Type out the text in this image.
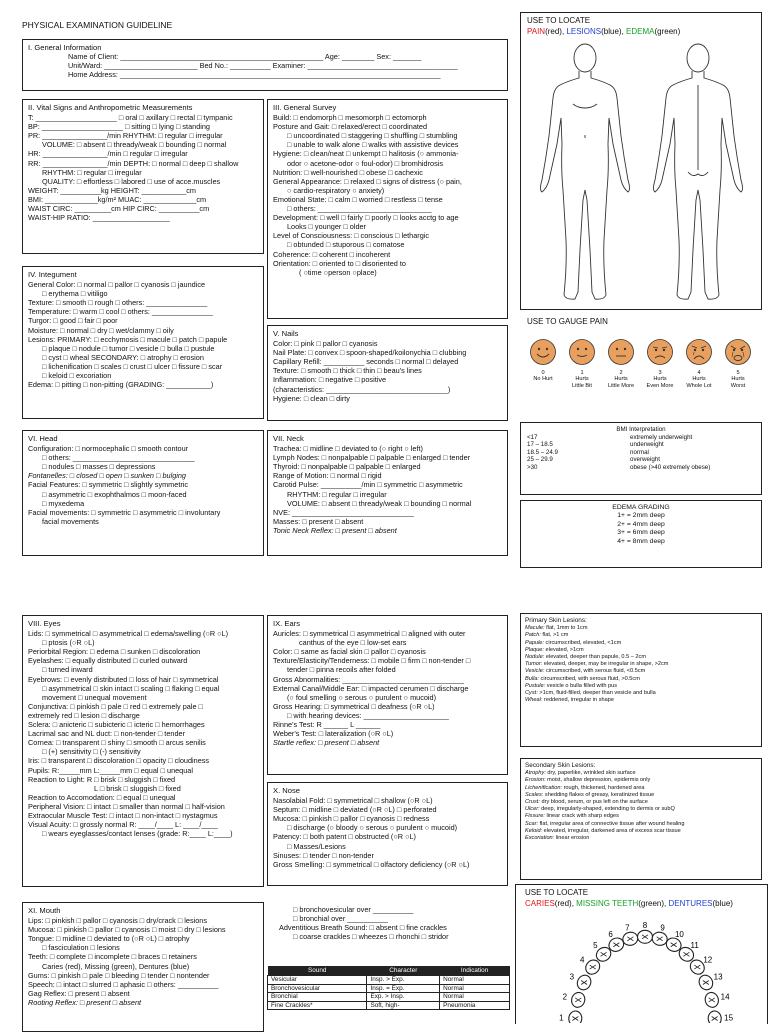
PHYSICAL EXAMINATION GUIDELINE
I. General Information
Name of Client: __________________________________________________ Age: ________ Sex: _______
Unit/Ward: _______________________ Bed No.: __________ Examiner: _____________________________________
Home Address: _______________________________________________________________________________
II. Vital Signs and Anthropometric Measurements
T: ____________________ □ oral □ axillary □ rectal □ tympanic
BP: ____________________ □ sitting □ lying □ standing
PR: ________________/min RHYTHM: □ regular □ irregular
VOLUME: □ absent □ thready/weak □ bounding □ normal
HR: ________________/min □ regular □ irregular
RR: ________________/min DEPTH: □ normal □ deep □ shallow
RHYTHM: □ regular □ irregular
QUALITY: □ effortless □ labored □ use of acce.muscles
WEIGHT: __________kg HEIGHT: ___________cm
BMI: _____________kg/m² MUAC: _____________cm
WAIST CIRC: _________cm HIP CIRC: __________cm
WAIST-HIP RATIO: ___________________
III. General Survey
Build: □ endomorph □ mesomorph □ ectomorph
Posture and Gait: □ relaxed/erect □ coordinated
□ uncoordinated □ staggering □ shuffling □ stumbling
□ unable to walk alone □ walks with assistive devices
Hygiene: □ clean/neat □ unkempt □ halitosis (○ ammonia-
odor ○ acetone-odor ○ foul-odor) □ bromhidrosis
Nutrition: □ well-nourished □ obese □ cachexic
General Appearance: □ relaxed □ signs of distress (○ pain,
○ cardio-respiratory ○ anxiety)
Emotional State: □ calm □ worried □ restless □ tense
□ others: ____________________________
Development: □ well □ fairly □ poorly □ looks acctg to age
Looks □ younger □ older
Level of Consciousness: □ conscious □ lethargic
□ obtunded □ stuporous □ comatose
Coherence: □ coherent □ incoherent
Orientation: □ oriented to □ disoriented to
( ○time ○person ○place)
IV. Integument
General Color: □ normal □ pallor □ cyanosis □ jaundice
□ erythema □ vitiligo
Texture: □ smooth □ rough □ others: _______________
Temperature: □ warm □ cool □ others: _______________
Turgor: □ good □ fair □ poor
Moisture: □ normal □ dry □ wet/clammy □ oily
Lesions: PRIMARY: □ ecchymosis □ macule □ patch □ papule
□ plaque □ nodule □ tumor □ vesicle □ bulla □ pustule
□ cyst □ wheal SECONDARY: □ atrophy □ erosion
□ lichenification □ scales □ crust □ ulcer □ fissure □ scar
□ keloid □ excoriation
Edema: □ pitting □ non-pitting (GRADING: ___________)
V. Nails
Color: □ pink □ pallor □ cyanosis
Nail Plate: □ convex □ spoon-shaped/koilonychia □ clubbing
Capillary Refill: __________ seconds □ normal □ delayed
Texture: □ smooth □ thick □ thin □ beau's lines
Inflammation: □ negative □ positive
(characteristics: ______________________________)
Hygiene: □ clean □ dirty
VI. Head
Configuration: □ normocephalic □ smooth contour
□ others: ______________________________
□ nodules □ masses □ depressions
Fontanelles: □ closed □ open □ sunken □ bulging
Facial Features: □ symmetric □ slightly symmetric
□ asymmetric □ exophthalmos □ moon-faced
□ myxedema
Facial movements: □ symmetric □ asymmetric □ involuntary
facial movements
VII. Neck
Trachea: □ midline □ deviated to (○ right ○ left)
Lymph Nodes: □ nonpalpable □ palpable □ enlarged □ tender
Thyroid: □ nonpalpable □ palpable □ enlarged
Range of Motion: □ normal □ rigid
Carotid Pulse: __________/min □ symmetric □ asymmetric
RHYTHM: □ regular □ irregular
VOLUME: □ absent □ thready/weak □ bounding □ normal
NVE: ______________________________
Masses: □ present □ absent
Tonic Neck Reflex: □ present □ absent
USE TO LOCATE
PAIN(red), LESIONS(blue), EDEMA(green)
USE TO GAUGE PAIN
0
No Hurt
1
Hurts
Little Bit
2
Hurts
Little More
3
Hurts
Even More
4
Hurts
Whole Lot
5
Hurts
Worst
BMI Interpretation
<17	extremely underweight
17 – 18.5	underweight
18.5 – 24.9	normal
25 – 29.9	overweight
>30	obese (>40 extremely obese)
EDEMA GRADING
1+ = 2mm deep
2+ = 4mm deep
3+ = 6mm deep
4+ = 8mm deep
VIII. Eyes
Lids: □ symmetrical □ asymmetrical □ edema/swelling (○R ○L)
□ ptosis (○R ○L)
Periorbital Region: □ edema □ sunken □ discoloration
Eyelashes: □ equally distributed □ curled outward
□ turned inward
Eyebrows: □ evenly distributed □ loss of hair □ symmetrical
□ asymmetrical □ skin intact □ scaling □ flaking □ equal
movement □ unequal movement
Conjunctiva: □ pinkish □ pale □ red □ extremely pale □
extremely red □ lesion □ discharge
Sclera: □ anicteric □ subicteric □ icteric □ hemorrhages
Lacrimal sac and NL duct: □ non-tender □ tender
Cornea: □ transparent □ shiny □ smooth □ arcus senilis
□ (+) sensitivity □ (-) sensitivity
Iris: □ transparent □ discoloration □ opacity □ cloudiness
Pupils: R:_____mm L:_____mm □ equal □ unequal
Reaction to Light: R □ brisk □ sluggish □ fixed
L □ brisk □ sluggish □ fixed
Reaction to Accomodation: □ equal □ unequal
Peripheral Vision: □ intact □ smaller than normal □ half-vision
Extraocular Muscle Test: □ intact □ non-intact □ nystagmus
Visual Acuity: □ grossly normal R: ____/____ L: ____/____
□ wears eyeglasses/contact lenses (grade: R:____ L:____)
IX. Ears
Auricles: □ symmetrical □ asymmetrical □ aligned with outer
canthus of the eye □ low-set ears
Color: □ same as facial skin □ pallor □ cyanosis
Texture/Elasticity/Tenderness: □ mobile □ firm □ non-tender □
tender □ pinna recoils after folded
Gross Abnormalities: ______________________________
External Canal/Middle Ear: □ impacted cerumen □ discharge
(○ foul smelling ○ serous ○ purulent ○ mucoid)
Gross Hearing: □ symmetrical □ deafness (○R ○L)
□ with hearing devices: _____________________
Rinne's Test: R ______ L ______
Weber's Test: □ lateralization (○R ○L)
Startle reflex: □ present □ absent
X. Nose
Nasolabial Fold: □ symmetrical □ shallow (○R ○L)
Septum: □ midline □ deviated (○R ○L) □ perforated
Mucosa: □ pinkish □ pallor □ cyanosis □ redness
□ discharge (○ bloody ○ serous ○ purulent ○ mucoid)
Patency: □ both patent □ obstructed (○R ○L)
□ Masses/Lesions
Sinuses: □ tender □ non-tender
Gross Smelling: □ symmetrical □ olfactory deficiency (○R ○L)
XI. Mouth
Lips: □ pinkish □ pallor □ cyanosis □ dry/crack □ lesions
Mucosa: □ pinkish □ pallor □ cyanosis □ moist □ dry □ lesions
Tongue: □ midline □ deviated to (○R ○L) □ atrophy
□ fasciculation □ lesions
Teeth: □ complete □ incomplete □ braces □ retainers
Caries (red), Missing (green), Dentures (blue)
Gums: □ pinkish □ pale □ bleeding □ tender □ nontender
Speech: □ intact □ slurred □ aphasic □ others: __________
Gag Reflex: □ present □ absent
Rooting Reflex: □ present □ absent
□ bronchovesicular over __________
□ bronchial over __________
Adventitious Breath Sound: □ absent □ fine crackles
□ coarse crackles □ wheezes □ rhonchi □ stridor
Sound	Character	Indication
Vesicular	Insp. > Exp.	Normal
Bronchovesicular	Insp. = Exp.	Normal
Bronchial	Exp. > Insp.	Normal
Fine Crackles*	Soft, high-	Pneumonia
Primary Skin Lesions:
Macule: flat, 1mm to 1cm
Patch: flat, >1 cm
Papule: circumscribed, elevated, <1cm
Plaque: elevated, >1cm
Nodule: elevated, deeper than papule, 0.5 – 2cm
Tumor: elevated, deeper, may be irregular in shape, >2cm
Vesicle: circumscribed, with serous fluid, <0.5cm
Bulla: circumscribed, with serous fluid, >0.5cm
Pustule: vesicle o bulla filled with pus
Cyst: >1cm, fluid-filled, deeper than vesicle and bulla
Wheal: reddened, irregular in shape
Secondary Skin Lesions:
Atrophy: dry, paperlike, wrinkled skin surface
Erosion: moist, shallow depression, epidermis only
Lichenification: rough, thickened, hardened area
Scales: shedding flakes of greasy, keratinized tissue
Crust: dry blood, serum, or pus left on the surface
Ulcer: deep, irregularly-shaped, extending to dermis or subQ
Fissure: linear crack with sharp edges
Scar: flat, irregular area of connective tissue after wound healing
Keloid: elevated, irregular, darkened area of excess scar tissue
Excoriation: linear erosion
USE TO LOCATE
CARIES(red), MISSING TEETH(green), DENTURES(blue)
1
2
3
4
5
6
7 8 9
10
11
12
13
14
15
